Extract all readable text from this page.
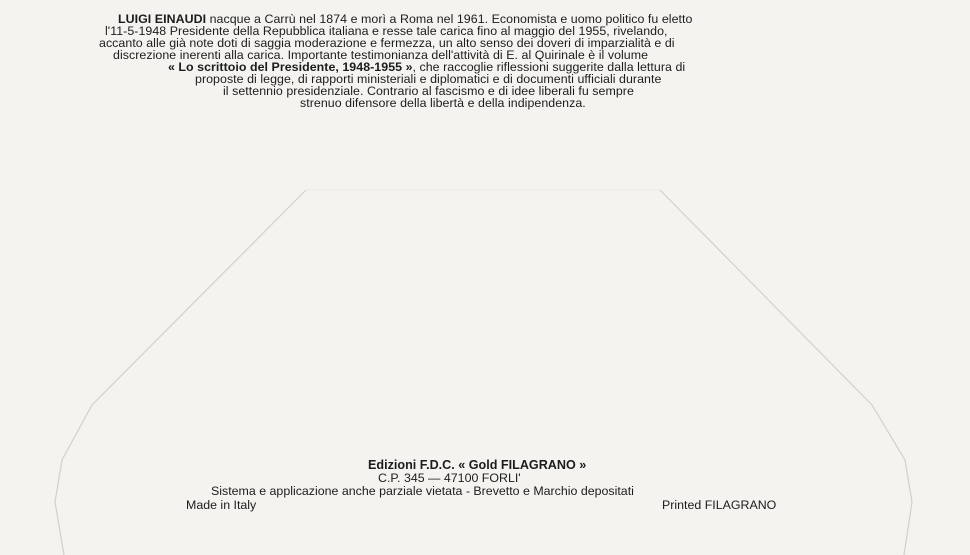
LUIGI EINAUDI nacque a Carrù nel 1874 e morì a Roma nel 1961. Economista e uomo politico fu eletto
l'11-5-1948 Presidente della Repubblica italiana e resse tale carica fino al maggio del 1955, rivelando,
accanto alle già note doti di saggia moderazione e fermezza, un alto senso dei doveri di imparzialità e di
discrezione inerenti alla carica. Importante testimonianza dell'attività di E. al Quirinale è il volume
« Lo scrittoio del Presidente, 1948-1955 », che raccoglie riflessioni suggerite dalla lettura di
proposte di legge, di rapporti ministeriali e diplomatici e di documenti ufficiali durante
il settennio presidenziale. Contrario al fascismo e di idee liberali fu sempre
strenuo difensore della libertà e della indipendenza.
Edizioni F.D.C. « Gold FILAGRANO »
C.P. 345 — 47100 FORLI'
Sistema e applicazione anche parziale vietata - Brevetto e Marchio depositati
Made in Italy	Printed FILAGRANO
